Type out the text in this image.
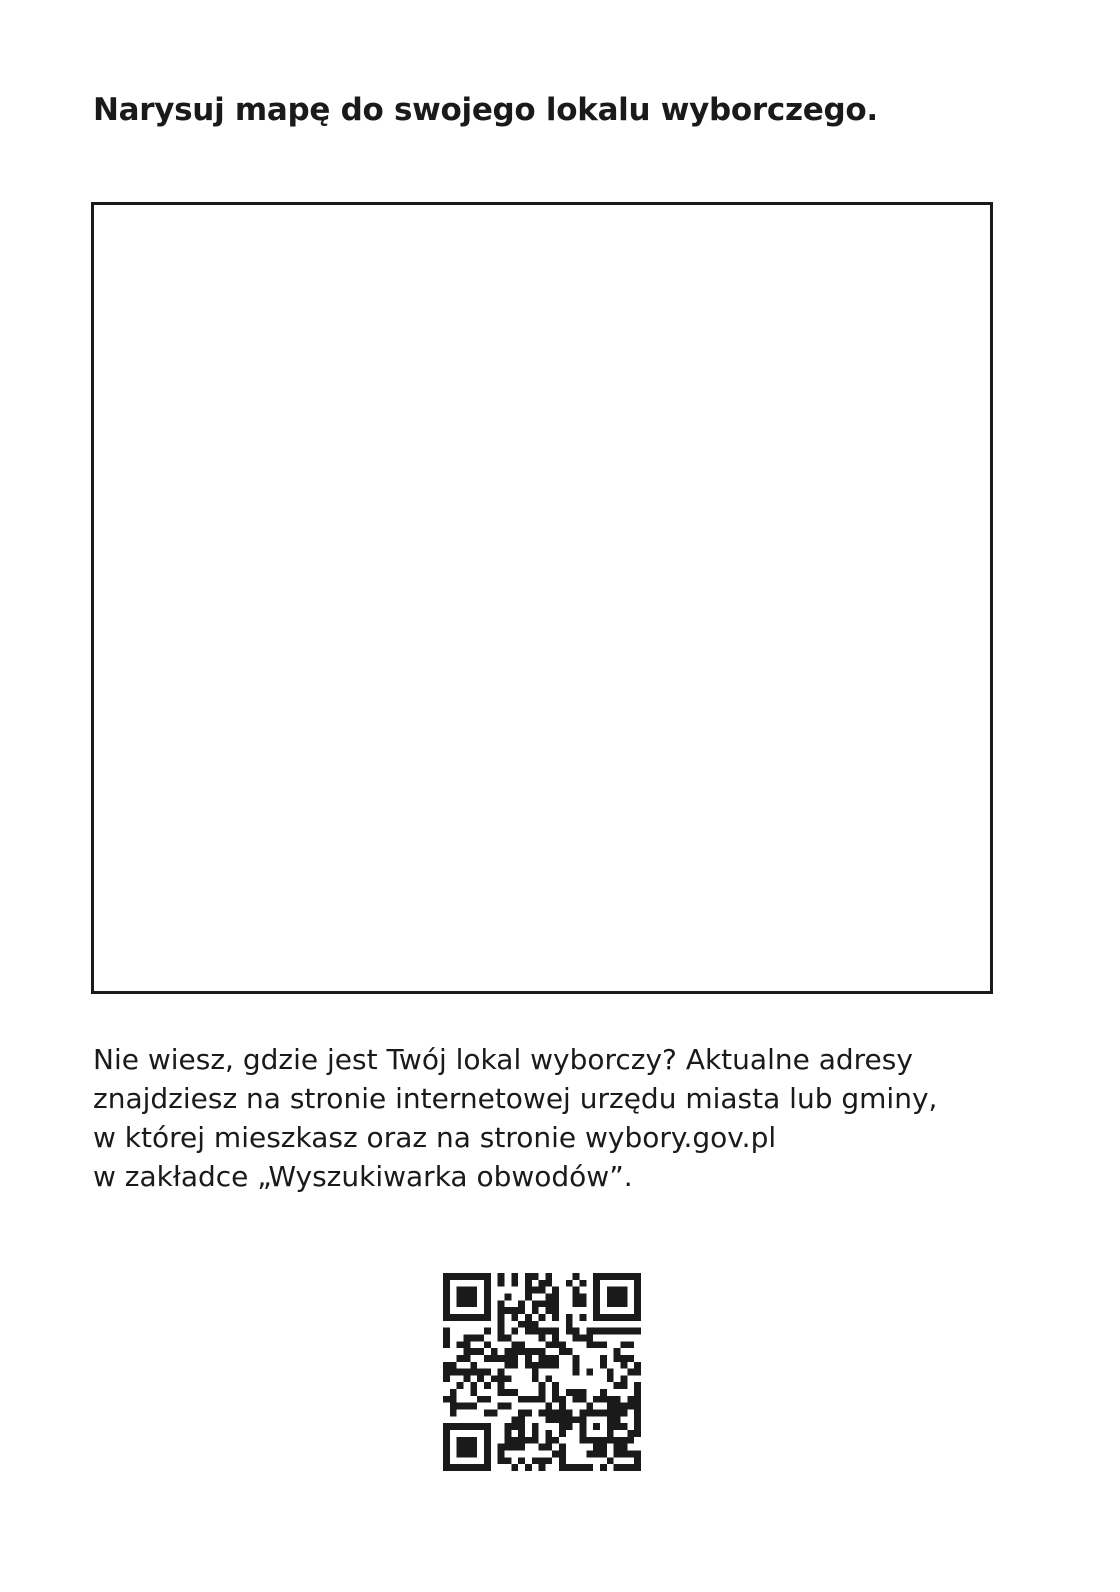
Narysuj mapę do swojego lokalu wyborczego.

Nie wiesz, gdzie jest Twój lokal wyborczy? Aktualne adresy
znajdziesz na stronie internetowej urzędu miasta lub gminy,
w której mieszkasz oraz na stronie wybory.gov.pl
w zakładce „Wyszukiwarka obwodów”.
